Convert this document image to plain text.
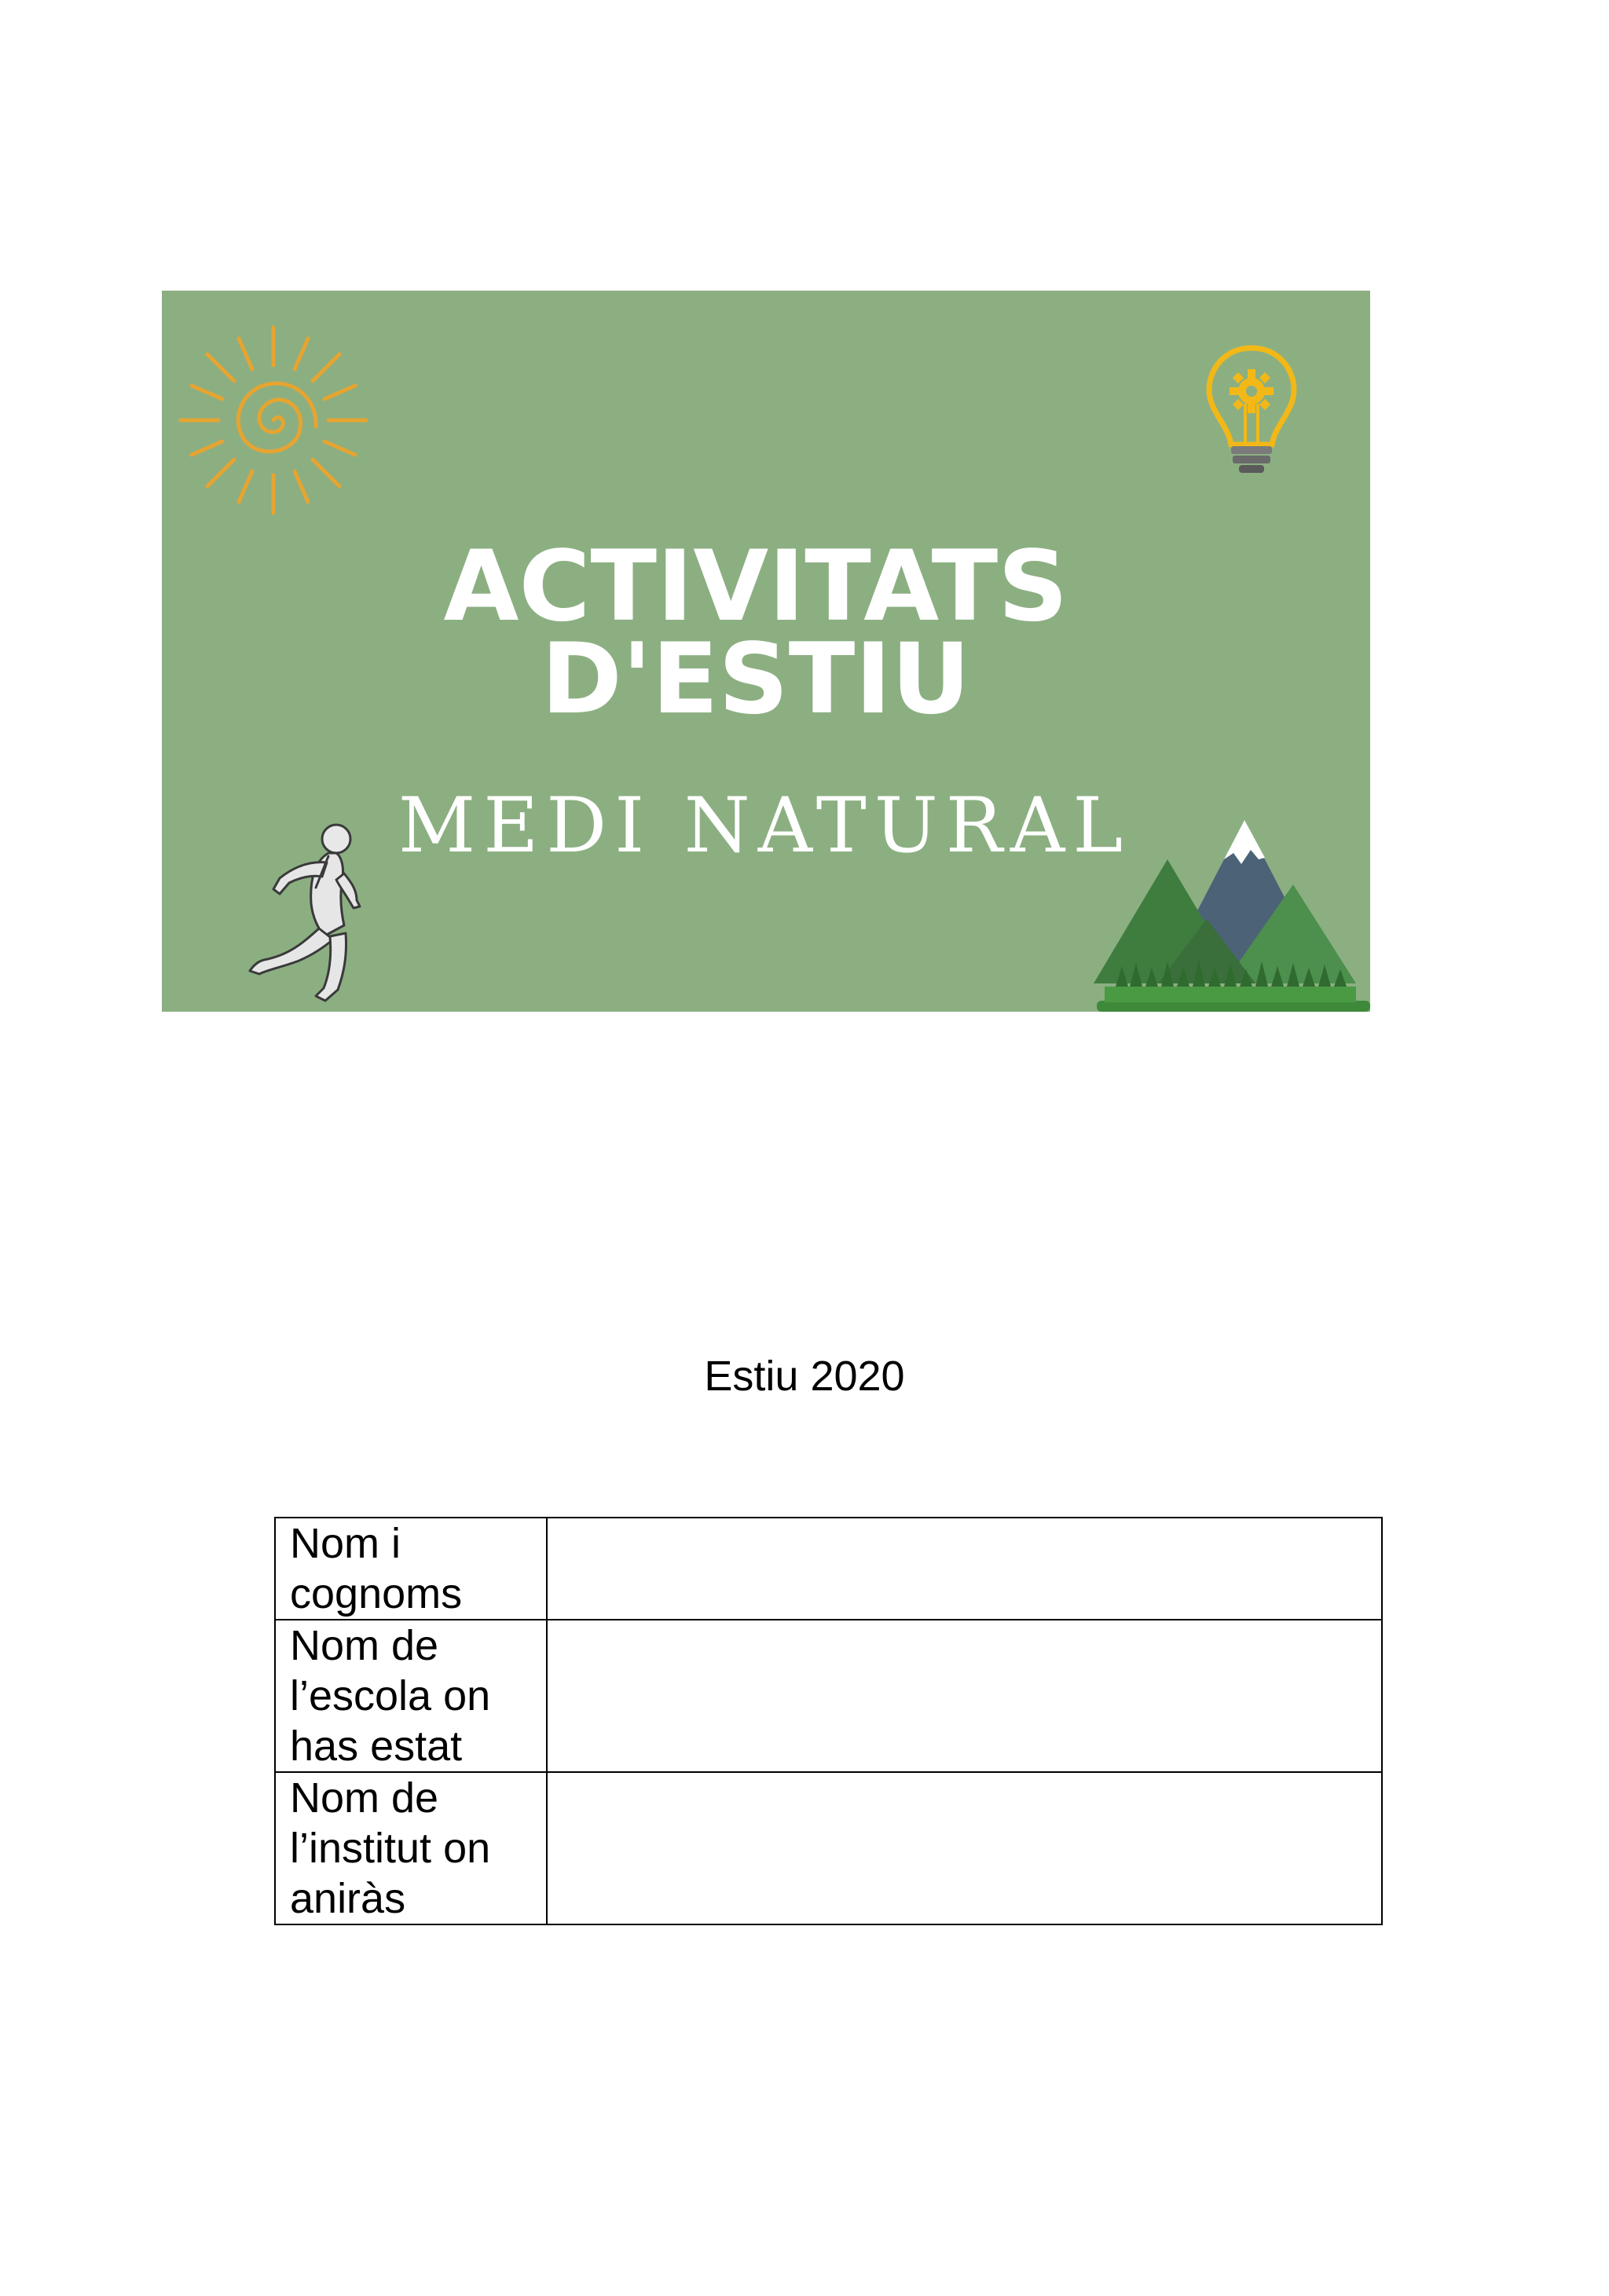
ACTIVITATS
D'ESTIU
MEDI NATURAL
Estiu 2020
Nom i cognoms	
Nom de l’escola on has estat	
Nom de l’institut on aniràs	
